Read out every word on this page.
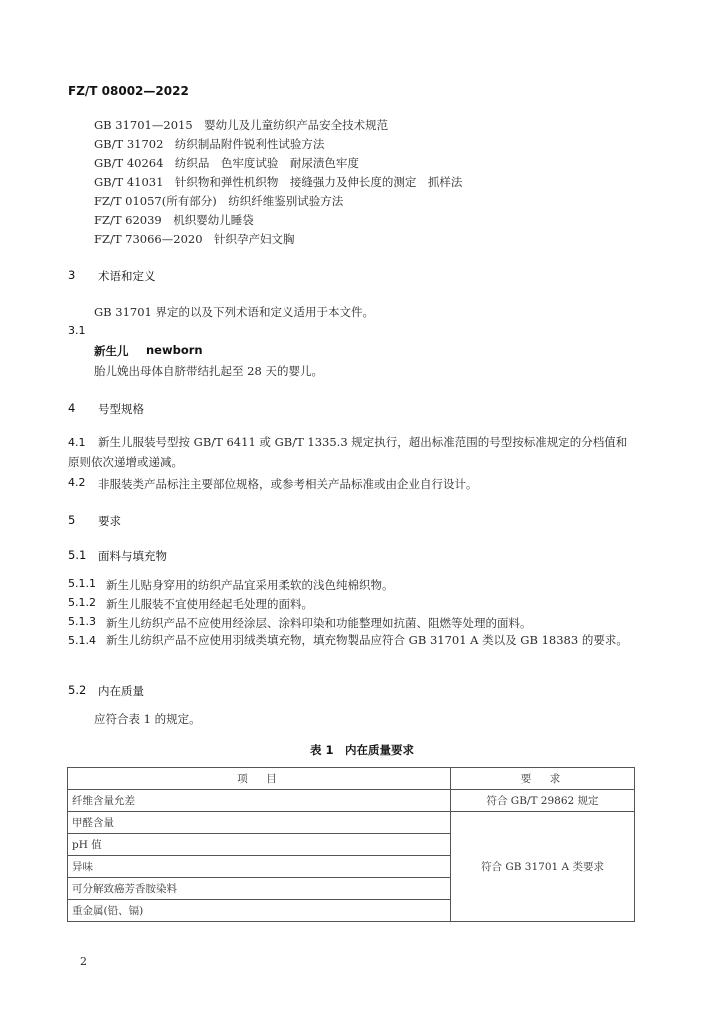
FZ/T 08002—2022
GB 31701—2015　婴幼儿及儿童纺织产品安全技术规范
GB/T 31702　纺织制品附件锐利性试验方法
GB/T 40264　纺织品　色牢度试验　耐尿渍色牢度
GB/T 41031　针织物和弹性机织物　接缝强力及伸长度的测定　抓样法
FZ/T 01057(所有部分)　纺织纤维鉴别试验方法
FZ/T 62039　机织婴幼儿睡袋
FZ/T 73066—2020　针织孕产妇文胸
3 术语和定义
GB 31701 界定的以及下列术语和定义适用于本文件。
3.1
新生儿 newborn
胎儿娩出母体自脐带结扎起至 28 天的婴儿。
4 号型规格
4.1	新生儿服装号型按 GB/T 6411 或 GB/T 1335.3 规定执行，超出标准范围的号型按标准规定的分档值和原则依次递增或递减。
4.2 非服装类产品标注主要部位规格，或参考相关产品标准或由企业自行设计。
5 要求
5.1 面料与填充物
5.1.1 新生儿贴身穿用的纺织产品宜采用柔软的浅色纯棉织物。
5.1.2 新生儿服装不宜使用经起毛处理的面料。
5.1.3 新生儿纺织产品不应使用经涂层、涂料印染和功能整理如抗菌、阻燃等处理的面料。
5.1.4 新生儿纺织产品不应使用羽绒类填充物，填充物製品应符合 GB 31701 A 类以及 GB 18383 的要求。
5.2 内在质量
应符合表 1 的规定。
表 1　内在质量要求
项　目	要　求
纤维含量允差	符合 GB/T 29862 规定
甲醛含量	符合 GB 31701 A 类要求
pH 值	
异味	
可分解致癌芳香胺染料	
重金属(铅、镉)	
2
